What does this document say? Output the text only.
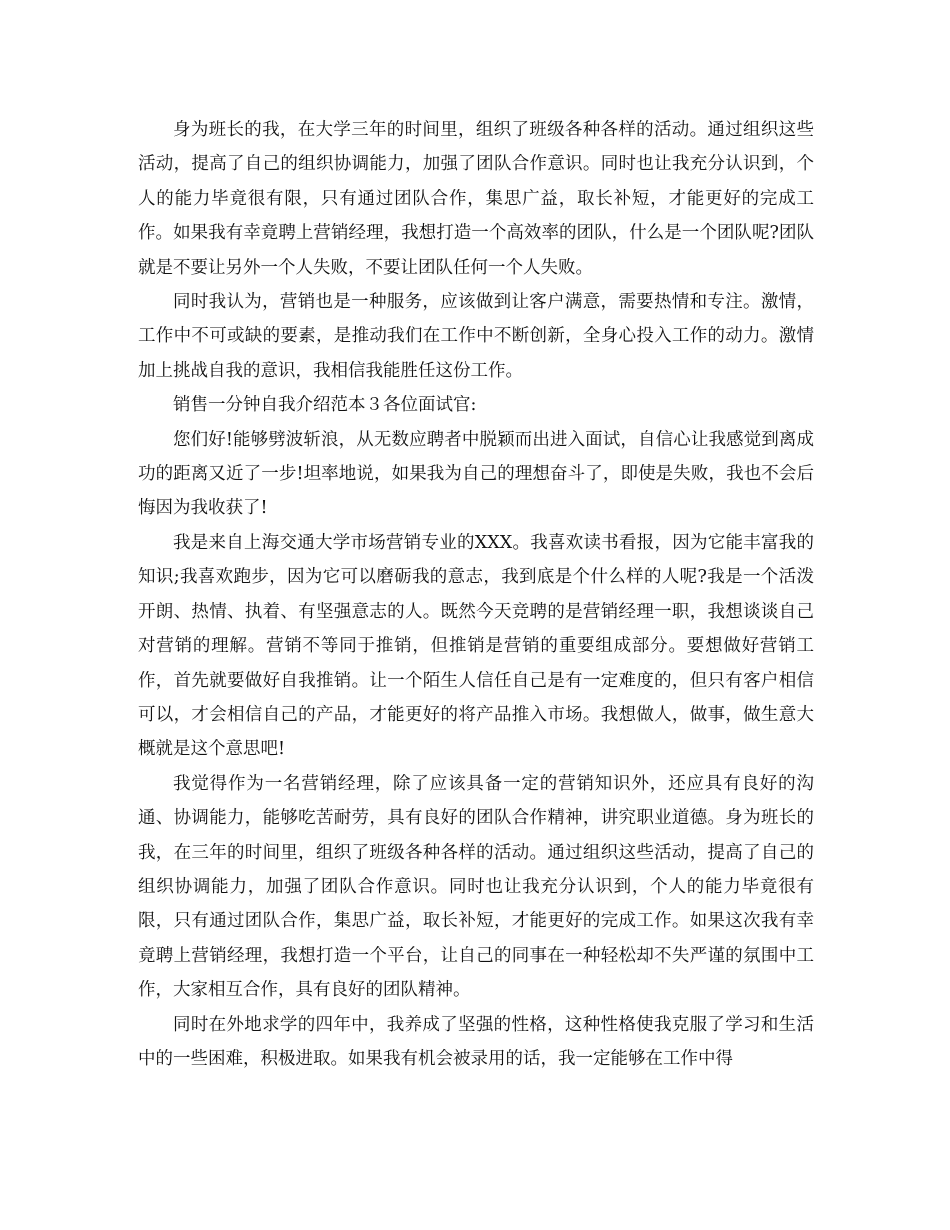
身为班长的我，在大学三年的时间里，组织了班级各种各样的活动。通过组织这些活动，提高了自己的组织协调能力，加强了团队合作意识。同时也让我充分认识到，个人的能力毕竟很有限，只有通过团队合作，集思广益，取长补短，才能更好的完成工作。如果我有幸竟聘上营销经理，我想打造一个高效率的团队，什么是一个团队呢?团队就是不要让另外一个人失败，不要让团队任何一个人失败。

同时我认为，营销也是一种服务，应该做到让客户满意，需要热情和专注。激情，工作中不可或缺的要素，是推动我们在工作中不断创新，全身心投入工作的动力。激情加上挑战自我的意识，我相信我能胜任这份工作。

销售一分钟自我介绍范本３各位面试官:

您们好!能够劈波斩浪，从无数应聘者中脱颖而出进入面试，自信心让我感觉到离成功的距离又近了一步!坦率地说，如果我为自己的理想奋斗了，即使是失败，我也不会后悔因为我收获了!

我是来自上海交通大学市场营销专业的XXX。我喜欢读书看报，因为它能丰富我的知识;我喜欢跑步，因为它可以磨砺我的意志，我到底是个什么样的人呢?我是一个活泼开朗、热情、执着、有坚强意志的人。既然今天竞聘的是营销经理一职，我想谈谈自己对营销的理解。营销不等同于推销，但推销是营销的重要组成部分。要想做好营销工作，首先就要做好自我推销。让一个陌生人信任自己是有一定难度的，但只有客户相信可以，才会相信自己的产品，才能更好的将产品推入市场。我想做人，做事，做生意大概就是这个意思吧!

我觉得作为一名营销经理，除了应该具备一定的营销知识外，还应具有良好的沟通、协调能力，能够吃苦耐劳，具有良好的团队合作精神，讲究职业道德。身为班长的我，在三年的时间里，组织了班级各种各样的活动。通过组织这些活动，提高了自己的组织协调能力，加强了团队合作意识。同时也让我充分认识到，个人的能力毕竟很有限，只有通过团队合作，集思广益，取长补短，才能更好的完成工作。如果这次我有幸竟聘上营销经理，我想打造一个平台，让自己的同事在一种轻松却不失严谨的氛围中工作，大家相互合作，具有良好的团队精神。

同时在外地求学的四年中，我养成了坚强的性格，这种性格使我克服了学习和生活中的一些困难，积极进取。如果我有机会被录用的话，我一定能够在工作中得
